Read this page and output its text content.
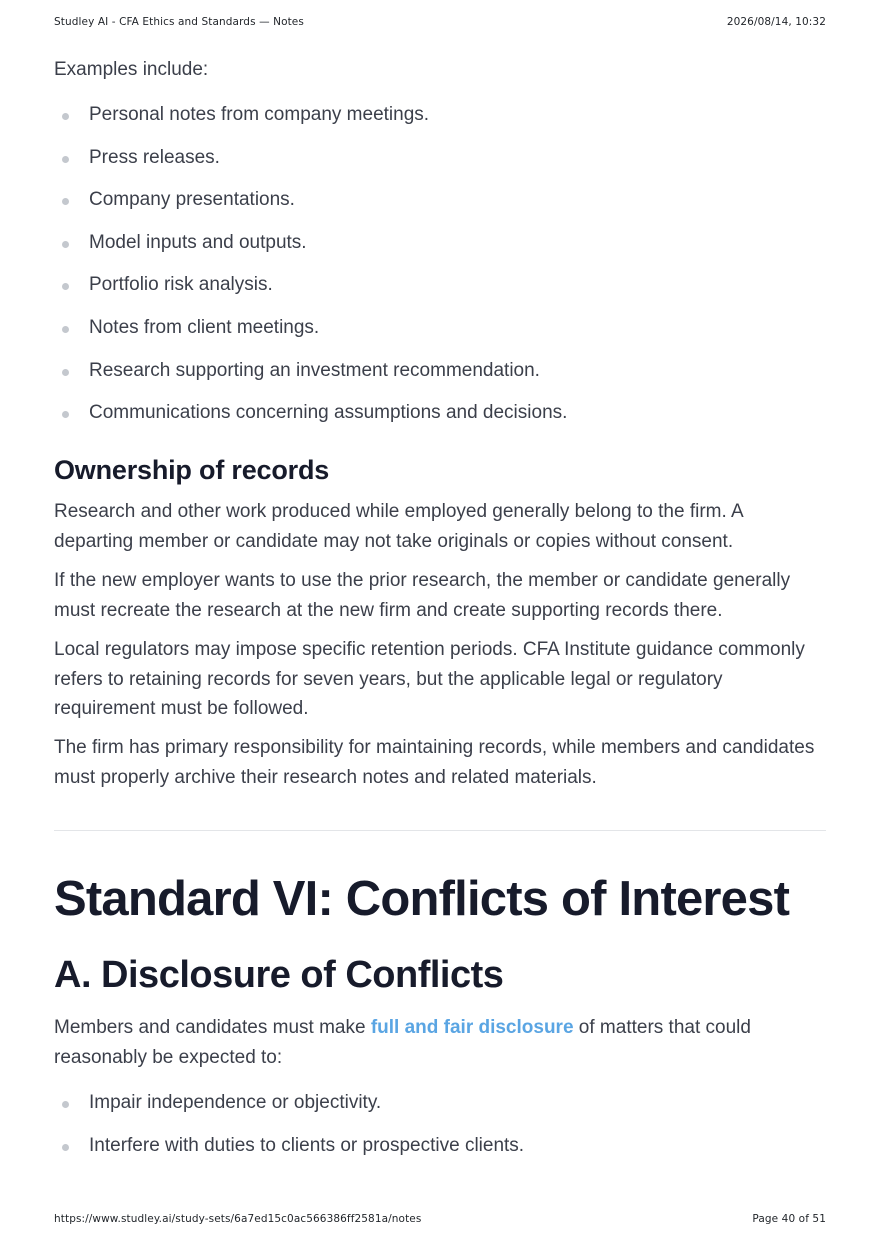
Studley AI - CFA Ethics and Standards — Notes	2026/08/14, 10:32

Examples include:

Personal notes from company meetings.
Press releases.
Company presentations.
Model inputs and outputs.
Portfolio risk analysis.
Notes from client meetings.
Research supporting an investment recommendation.
Communications concerning assumptions and decisions.
Ownership of records

Research and other work produced while employed generally belong to the firm. A departing member or candidate may not take originals or copies without consent.

If the new employer wants to use the prior research, the member or candidate generally must recreate the research at the new firm and create supporting records there.

Local regulators may impose specific retention periods. CFA Institute guidance commonly refers to retaining records for seven years, but the applicable legal or regulatory requirement must be followed.

The firm has primary responsibility for maintaining records, while members and candidates must properly archive their research notes and related materials.

Standard VI: Conflicts of Interest
A. Disclosure of Conflicts

Members and candidates must make full and fair disclosure of matters that could reasonably be expected to:

Impair independence or objectivity.
Interfere with duties to clients or prospective clients.
https://www.studley.ai/study-sets/6a7ed15c0ac566386ff2581a/notes	Page 40 of 51
